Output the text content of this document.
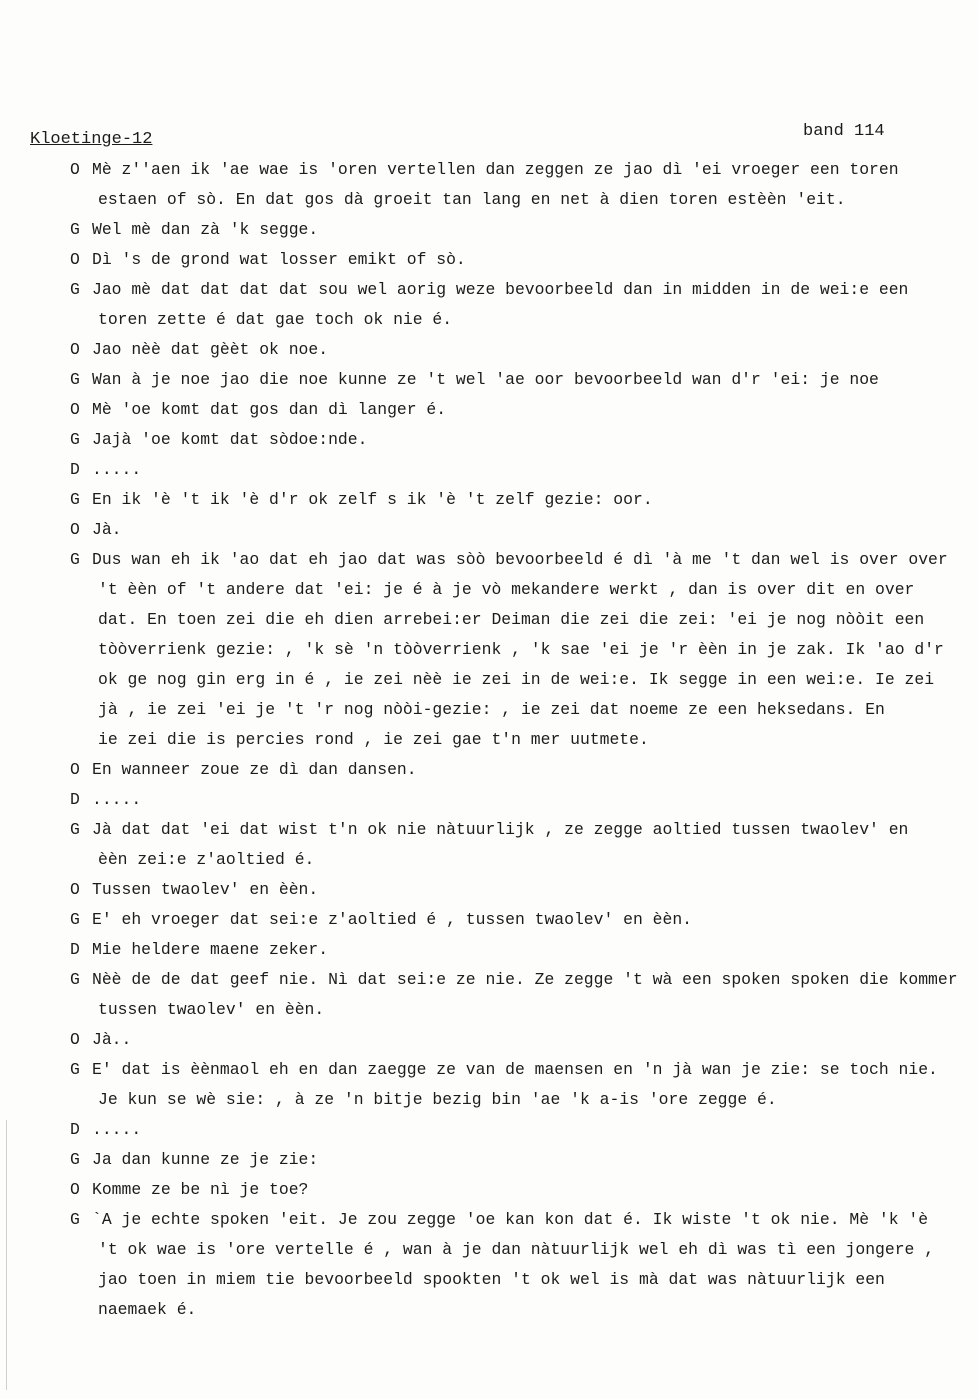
Kloetinge-12	band 114
O Mè z''aen ik 'ae wae is 'oren vertellen dan zeggen ze jao dì 'ei vroeger een toren
estaen of sò. En dat gos dà groeit tan lang en net à dien toren estèèn 'eit.
G Wel mè dan zà 'k segge.
O Dì 's de grond wat losser emikt of sò.
G Jao mè dat dat dat dat sou wel aorig weze bevoorbeeld dan in midden in de wei:e een
toren zette é dat gae toch ok nie é.
O Jao nèè dat gèèt ok noe.
G Wan à je noe jao die noe kunne ze 't wel 'ae oor bevoorbeeld wan d'r 'ei: je noe
O Mè 'oe komt dat gos dan dì langer é.
G Jajà 'oe komt dat sòdoe:nde.
D .....
G En ik 'è 't ik 'è d'r ok zelf s ik 'è 't zelf gezie: oor.
O Jà.
G Dus wan eh ik 'ao dat eh jao dat was sòò bevoorbeeld é dì 'à me 't dan wel is over over
't èèn of 't andere dat 'ei: je é à je vò mekandere werkt , dan is over dit en over
dat. En toen zei die eh dien arrebei:er Deiman die zei die zei: 'ei je nog nòòit een
tòòverrienk gezie: , 'k sè 'n tòòverrienk , 'k sae 'ei je 'r èèn in je zak. Ik 'ao d'r
ok ge nog gin erg in é , ie zei nèè ie zei in de wei:e. Ik segge in een wei:e. Ie zei
jà , ie zei 'ei je 't 'r nog nòòi-gezie: , ie zei dat noeme ze een heksedans. En
ie zei die is percies rond , ie zei gae t'n mer uutmete.
O En wanneer zoue ze dì dan dansen.
D .....
G Jà dat dat 'ei dat wist t'n ok nie nàtuurlijk , ze zegge aoltied tussen twaolev' en
èèn zei:e z'aoltied é.
O Tussen twaolev' en èèn.
G E' eh vroeger dat sei:e z'aoltied é , tussen twaolev' en èèn.
D Mie heldere maene zeker.
G Nèè de de dat geef nie. Nì dat sei:e ze nie. Ze zegge 't wà een spoken spoken die kommer
tussen twaolev' en èèn.
O Jà..
G E' dat is èènmaol eh en dan zaegge ze van de maensen en 'n jà wan je zie: se toch nie.
Je kun se wè sie: , à ze 'n bitje bezig bin 'ae 'k a-is 'ore zegge é.
D .....
G Ja dan kunne ze je zie:
O Komme ze be nì je toe?
G `A je echte spoken 'eit. Je zou zegge 'oe kan kon dat é. Ik wiste 't ok nie. Mè 'k 'è
't ok wae is 'ore vertelle é , wan à je dan nàtuurlijk wel eh dì was tì een jongere ,
jao toen in miem tie bevoorbeeld spookten 't ok wel is mà dat was nàtuurlijk een
naemaek é.
